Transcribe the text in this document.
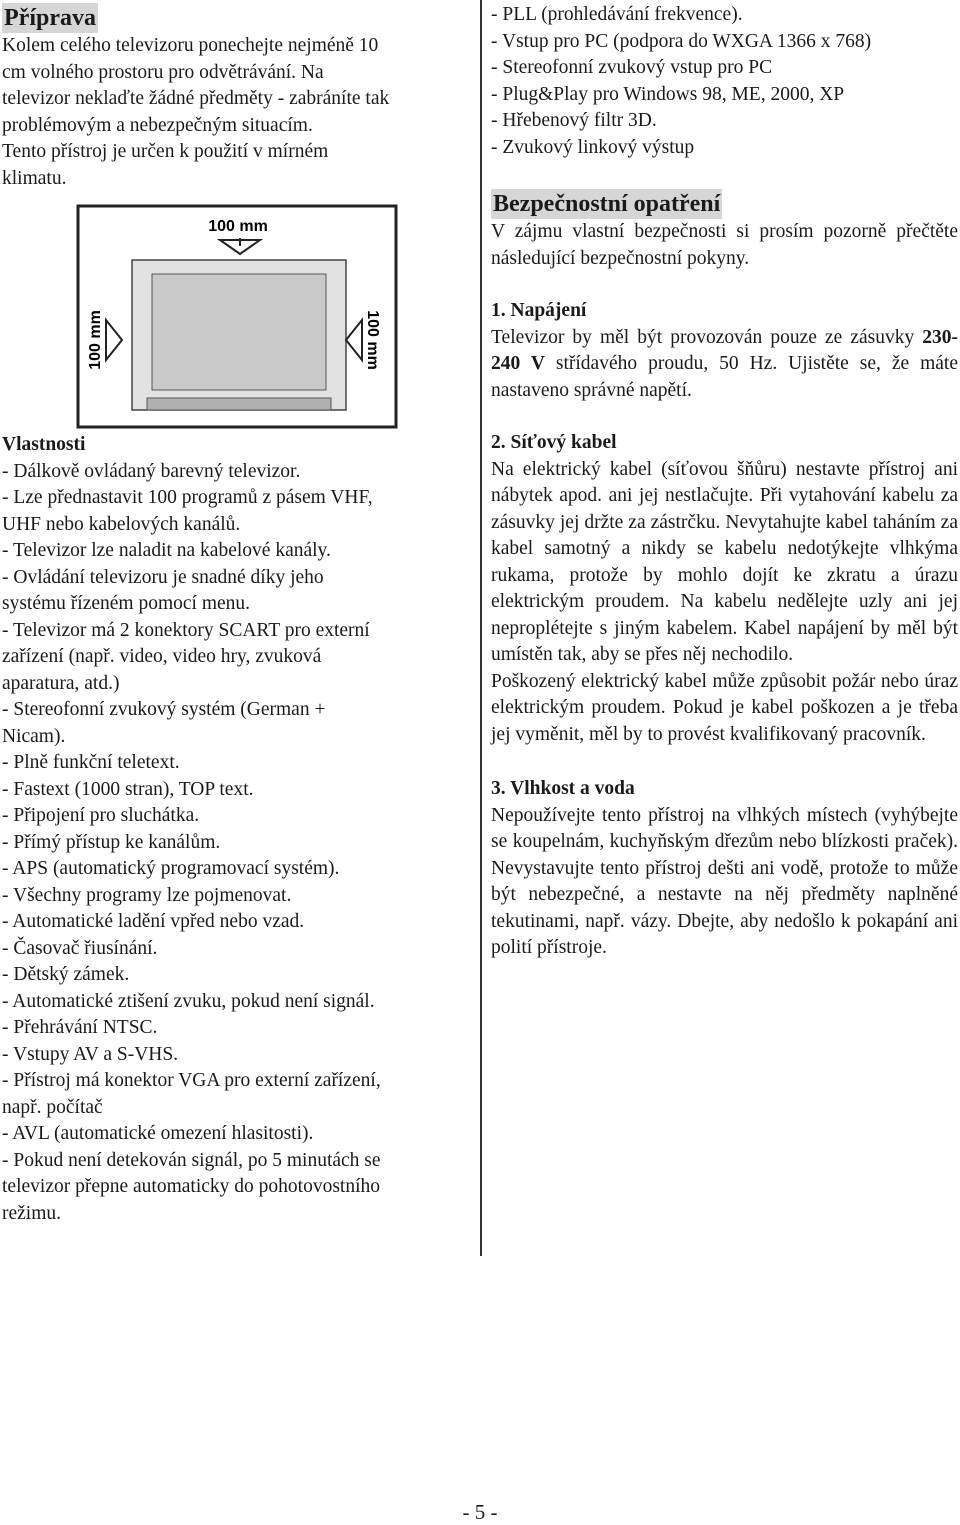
Příprava

Kolem celého televizoru ponechejte nejméně 10

cm volného prostoru pro odvětrávání. Na

televizor neklaďte žádné předměty - zabráníte tak

problémovým a nebezpečným situacím.

Tento přístroj je určen k použití v mírném

klimatu.

100 mm
100 mm	100 mm

Vlastnosti

- Dálkově ovládaný barevný televizor.

- Lze přednastavit 100 programů z pásem VHF,

UHF nebo kabelových kanálů.

- Televizor lze naladit na kabelové kanály.

- Ovládání televizoru je snadné díky jeho

systému řízeném pomocí menu.

- Televizor má 2 konektory SCART pro externí

zařízení (např. video, video hry, zvuková

aparatura, atd.)

- Stereofonní zvukový systém (German +

Nicam).

- Plně funkční teletext.

- Fastext (1000 stran), TOP text.

- Připojení pro sluchátka.

- Přímý přístup ke kanálům.

- APS (automatický programovací systém).

- Všechny programy lze pojmenovat.

- Automatické ladění vpřed nebo vzad.

- Časovač řiusínání.

- Dětský zámek.

- Automatické ztišení zvuku, pokud není signál.

- Přehrávání NTSC.

- Vstupy AV a S-VHS.

- Přístroj má konektor VGA pro externí zařízení,

např. počítač

- AVL (automatické omezení hlasitosti).

- Pokud není detekován signál, po 5 minutách se

televizor přepne automaticky do pohotovostního

režimu.

- PLL (prohledávání frekvence).

- Vstup pro PC (podpora do WXGA 1366 x 768)

- Stereofonní zvukový vstup pro PC

- Plug&Play pro Windows 98, ME, 2000, XP

- Hřebenový filtr 3D.

- Zvukový linkový výstup

Bezpečnostní opatření

V zájmu vlastní bezpečnosti si prosím pozorně přečtěte následující bezpečnostní pokyny.

1. Napájení

Televizor by měl být provozován pouze ze zásuvky 230-240 V střídavého proudu, 50 Hz. Ujistěte se, že máte nastaveno správné napětí.

2. Síťový kabel

Na elektrický kabel (síťovou šňůru) nestavte přístroj ani nábytek apod. ani jej nestlačujte. Při vytahování kabelu za zásuvky jej držte za zástrčku. Nevytahujte kabel taháním za kabel samotný a nikdy se kabelu nedotýkejte vlhkýma rukama, protože by mohlo dojít ke zkratu a úrazu elektrickým proudem. Na kabelu nedělejte uzly ani jej neproplétejte s jiným kabelem. Kabel napájení by měl být umístěn tak, aby se přes něj nechodilo.

Poškozený elektrický kabel může způsobit požár nebo úraz elektrickým proudem. Pokud je kabel poškozen a je třeba jej vyměnit, měl by to provést kvalifikovaný pracovník.

3. Vlhkost a voda

Nepoužívejte tento přístroj na vlhkých místech (vyhýbejte se koupelnám, kuchyňským dřezům nebo blízkosti praček). Nevystavujte tento přístroj dešti ani vodě, protože to může být nebezpečné, a nestavte na něj předměty naplněné tekutinami, např. vázy. Dbejte, aby nedošlo k pokapání ani polití přístroje.

- 5 -
